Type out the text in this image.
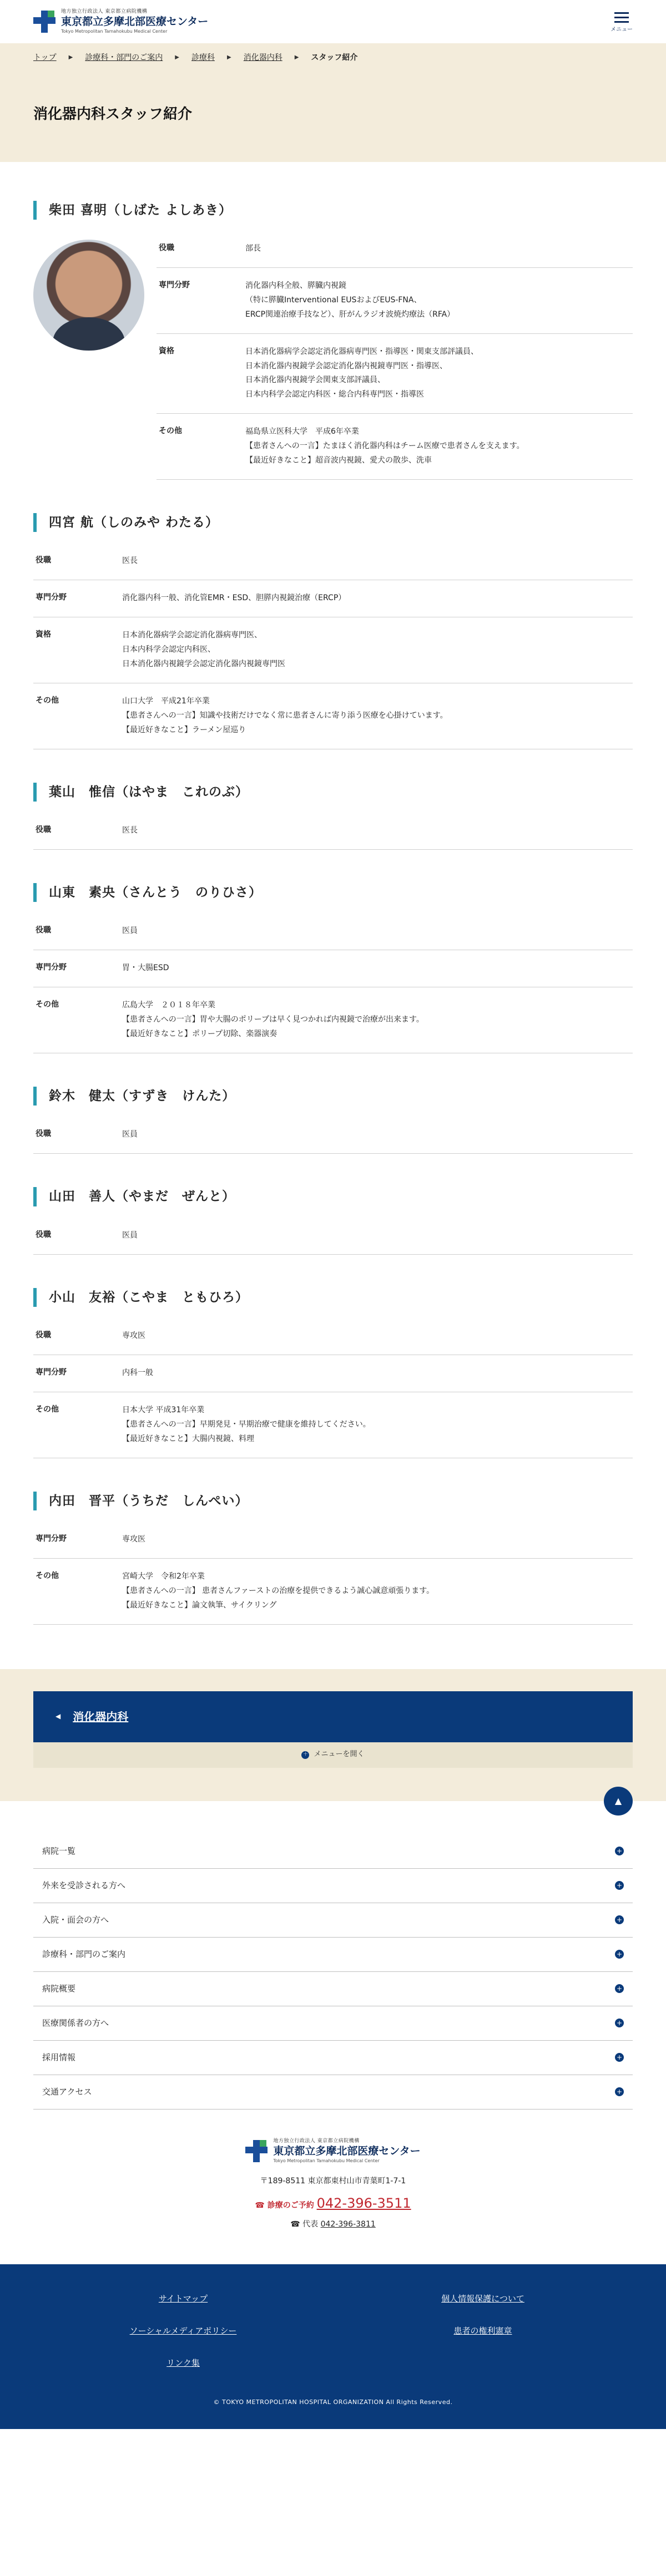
地方独立行政法人 東京都立病院機構
東京都立多摩北部医療センター
Tokyo Metropolitan Tamahokubu Medical Center	メニュー
トップ ▶ 診療科・部門のご案内 ▶ 診療科 ▶ 消化器内科 ▶ スタッフ紹介
消化器内科スタッフ紹介
柴田 喜明（しばた よしあき）
役職	部長
専門分野	消化器内科全般、膵臓内視鏡
（特に膵臓Interventional EUSおよびEUS-FNA、
ERCP関連治療手技など）、肝がんラジオ波焼灼療法（RFA）
資格	日本消化器病学会認定消化器病専門医・指導医・関東支部評議員、
日本消化器内視鏡学会認定消化器内視鏡専門医・指導医、
日本消化器内視鏡学会関東支部評議員、
日本内科学会認定内科医・総合内科専門医・指導医
その他	福島県立医科大学　平成6年卒業
【患者さんへの一言】たまほく消化器内科はチーム医療で患者さんを支えます。
【最近好きなこと】超音波内視鏡、愛犬の散歩、洗車
四宮 航（しのみや わたる）
役職	医長
専門分野	消化器内科一般、消化管EMR・ESD、胆膵内視鏡治療（ERCP）
資格	日本消化器病学会認定消化器病専門医、
日本内科学会認定内科医、
日本消化器内視鏡学会認定消化器内視鏡専門医
その他	山口大学　平成21年卒業
【患者さんへの一言】知識や技術だけでなく常に患者さんに寄り添う医療を心掛けています。
【最近好きなこと】ラーメン屋巡り
葉山　惟信（はやま　これのぶ）
役職	医長
山東　素央（さんとう　のりひさ）
役職	医員
専門分野	胃・大腸ESD
その他	広島大学　２０１８年卒業
【患者さんへの一言】胃や大腸のポリープは早く見つかれば内視鏡で治療が出来ます。
【最近好きなこと】ポリープ切除、楽器演奏
鈴木　健太（すずき　けんた）
役職	医員
山田　善人（やまだ　ぜんと）
役職	医員
小山　友裕（こやま　ともひろ）
役職	専攻医
専門分野	内科一般
その他	日本大学 平成31年卒業
【患者さんへの一言】早期発見・早期治療で健康を維持してください。
【最近好きなこと】大腸内視鏡、料理
内田　晋平（うちだ　しんぺい）
専門分野	専攻医
その他	宮崎大学　令和2年卒業
【患者さんへの一言】 患者さんファーストの治療を提供できるよう誠心誠意頑張ります。
【最近好きなこと】論文執筆、サイクリング
◀ 消化器内科
＋ メニューを開く
▲
病院一覧	+
外来を受診される方へ	+
入院・面会の方へ	+
診療科・部門のご案内	+
病院概要	+
医療関係者の方へ	+
採用情報	+
交通アクセス	+
地方独立行政法人 東京都立病院機構
東京都立多摩北部医療センター
Tokyo Metropolitan Tamahokubu Medical Center
〒189-8511 東京都東村山市青葉町1-7-1
☎ 診療のご予約 042-396-3511
☎ 代表 042-396-3811
サイトマップ	個人情報保護について
ソーシャルメディアポリシー	患者の権利憲章
リンク集
© TOKYO METROPOLITAN HOSPITAL ORGANIZATION All Rights Reserved.
